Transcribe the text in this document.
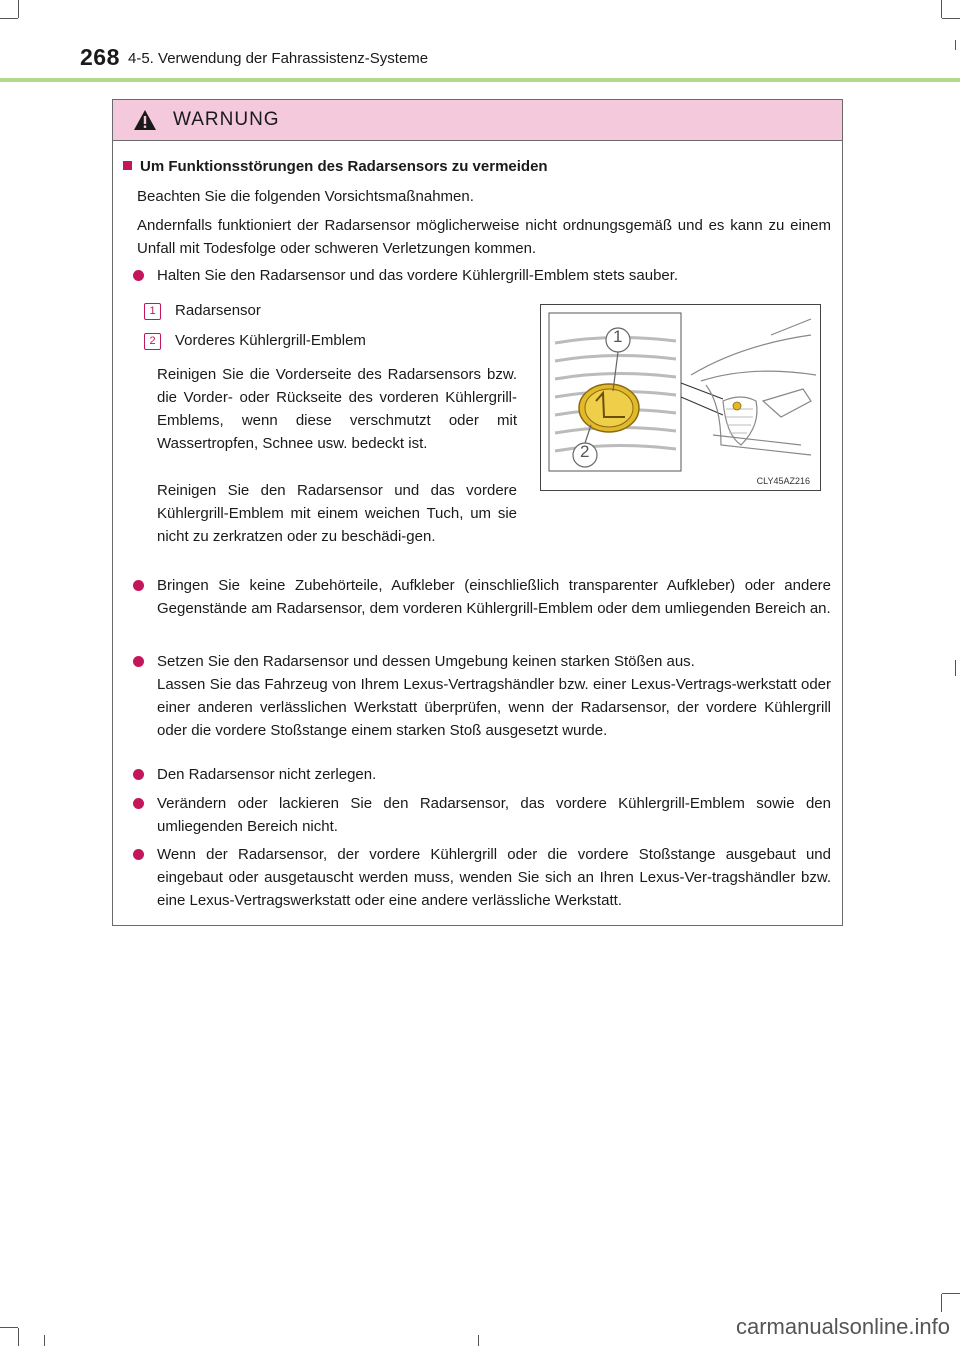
268 4-5. Verwendung der Fahrassistenz-Systeme
WARNUNG
Um Funktionsstörungen des Radarsensors zu vermeiden
Beachten Sie die folgenden Vorsichtsmaßnahmen.
Andernfalls funktioniert der Radarsensor möglicherweise nicht ordnungsgemäß und es kann zu einem Unfall mit Todesfolge oder schweren Verletzungen kommen.
Halten Sie den Radarsensor und das vordere Kühlergrill-Emblem stets sauber.
1	Radarsensor
2	Vorderes Kühlergrill-Emblem
Reinigen Sie die Vorderseite des Radarsensors bzw. die Vorder- oder Rückseite des vorderen Kühlergrill-Emblems, wenn diese verschmutzt oder mit Wassertropfen, Schnee usw. bedeckt ist.
Reinigen Sie den Radarsensor und das vordere Kühlergrill-Emblem mit einem weichen Tuch, um sie nicht zu zerkratzen oder zu beschädi-gen.
1
2
CLY45AZ216
Bringen Sie keine Zubehörteile, Aufkleber (einschließlich transparenter Aufkleber) oder andere Gegenstände am Radarsensor, dem vorderen Kühlergrill-Emblem oder dem umliegenden Bereich an.
Setzen Sie den Radarsensor und dessen Umgebung keinen starken Stößen aus.
Lassen Sie das Fahrzeug von Ihrem Lexus-Vertragshändler bzw. einer Lexus-Vertrags-werkstatt oder einer anderen verlässlichen Werkstatt überprüfen, wenn der Radarsensor, der vordere Kühlergrill oder die vordere Stoßstange einem starken Stoß ausgesetzt wurde.
Den Radarsensor nicht zerlegen.
Verändern oder lackieren Sie den Radarsensor, das vordere Kühlergrill-Emblem sowie den umliegenden Bereich nicht.
Wenn der Radarsensor, der vordere Kühlergrill oder die vordere Stoßstange ausgebaut und eingebaut oder ausgetauscht werden muss, wenden Sie sich an Ihren Lexus-Ver-tragshändler bzw. eine Lexus-Vertragswerkstatt oder eine andere verlässliche Werkstatt.
carmanualsonline.info
